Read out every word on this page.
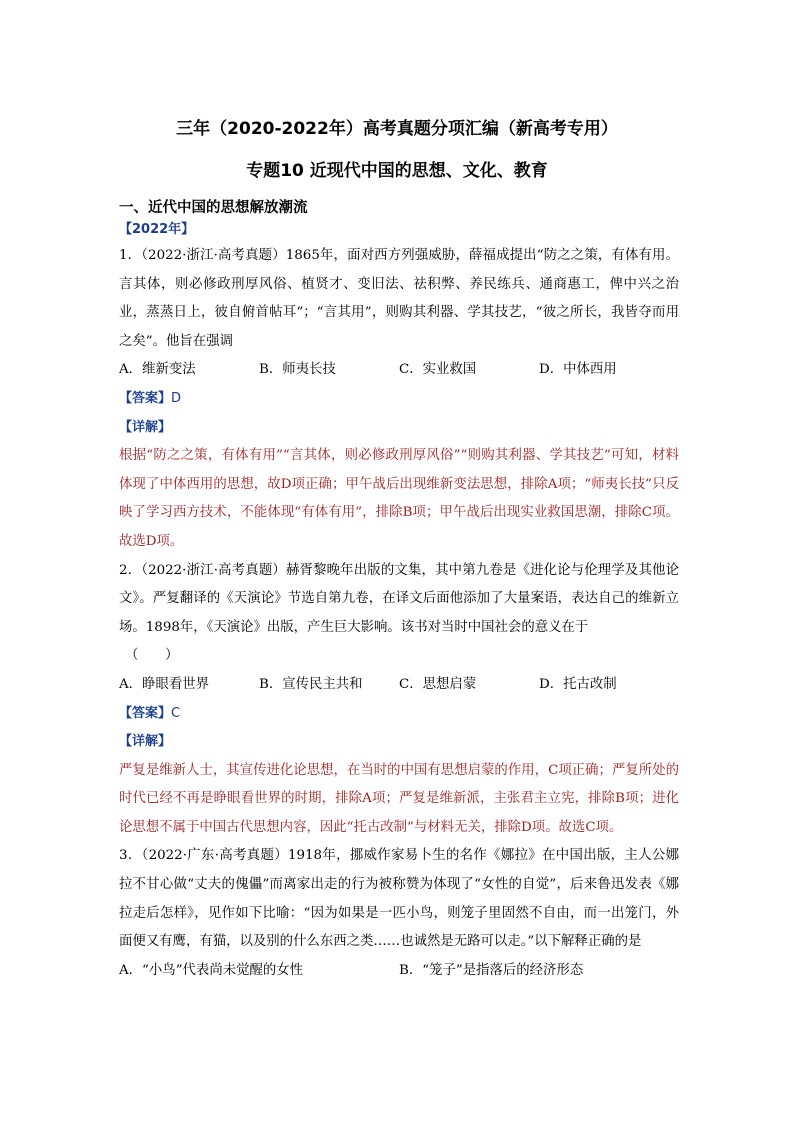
三年（2020-2022年）高考真题分项汇编（新高考专用）
专题10 近现代中国的思想、文化、教育
一、近代中国的思想解放潮流
【2022年】

1．（2022·浙江·高考真题）1865年，面对西方列强威胁，薛福成提出“防之之策，有体有用。言其体，则必修政刑厚风俗、植贤才、变旧法、祛积弊、养民练兵、通商惠工，俾中兴之治业，蒸蒸日上，彼自俯首帖耳”；“言其用”，则购其利器、学其技艺，“彼之所长，我皆夺而用之矣”。他旨在强调

A．维新变法	B．师夷长技	C．实业救国	D．中体西用
【答案】D
【详解】

根据“防之之策，有体有用”“言其体，则必修政刑厚风俗”“则购其利器、学其技艺”可知，材料体现了中体西用的思想，故D项正确；甲午战后出现维新变法思想，排除A项；“师夷长技”只反映了学习西方技术，不能体现“有体有用”，排除B项；甲午战后出现实业救国思潮，排除C项。故选D项。

2．（2022·浙江·高考真题）赫胥黎晚年出版的文集，其中第九卷是《进化论与伦理学及其他论文》。严复翻译的《天演论》节选自第九卷，在译文后面他添加了大量案语，表达自己的维新立场。1898年，《天演论》出版，产生巨大影响。该书对当时中国社会的意义在于

（　　）

A．睁眼看世界	B．宣传民主共和	C．思想启蒙	D．托古改制
【答案】C
【详解】

严复是维新人士，其宣传进化论思想，在当时的中国有思想启蒙的作用，C项正确；严复所处的时代已经不再是睁眼看世界的时期，排除A项；严复是维新派，主张君主立宪，排除B项；进化论思想不属于中国古代思想内容，因此“托古改制”与材料无关，排除D项。故选C项。

3．（2022·广东·高考真题）1918年，挪威作家易卜生的名作《娜拉》在中国出版，主人公娜拉不甘心做“丈夫的傀儡”而离家出走的行为被称赞为体现了“女性的自觉”，后来鲁迅发表《娜拉走后怎样》，见作如下比喻：“因为如果是一匹小鸟，则笼子里固然不自由，而一出笼门，外面便又有鹰，有猫，以及别的什么东西之类……也诚然是无路可以走。”以下解释正确的是

A．“小鸟”代表尚未觉醒的女性	B．“笼子”是指落后的经济形态
